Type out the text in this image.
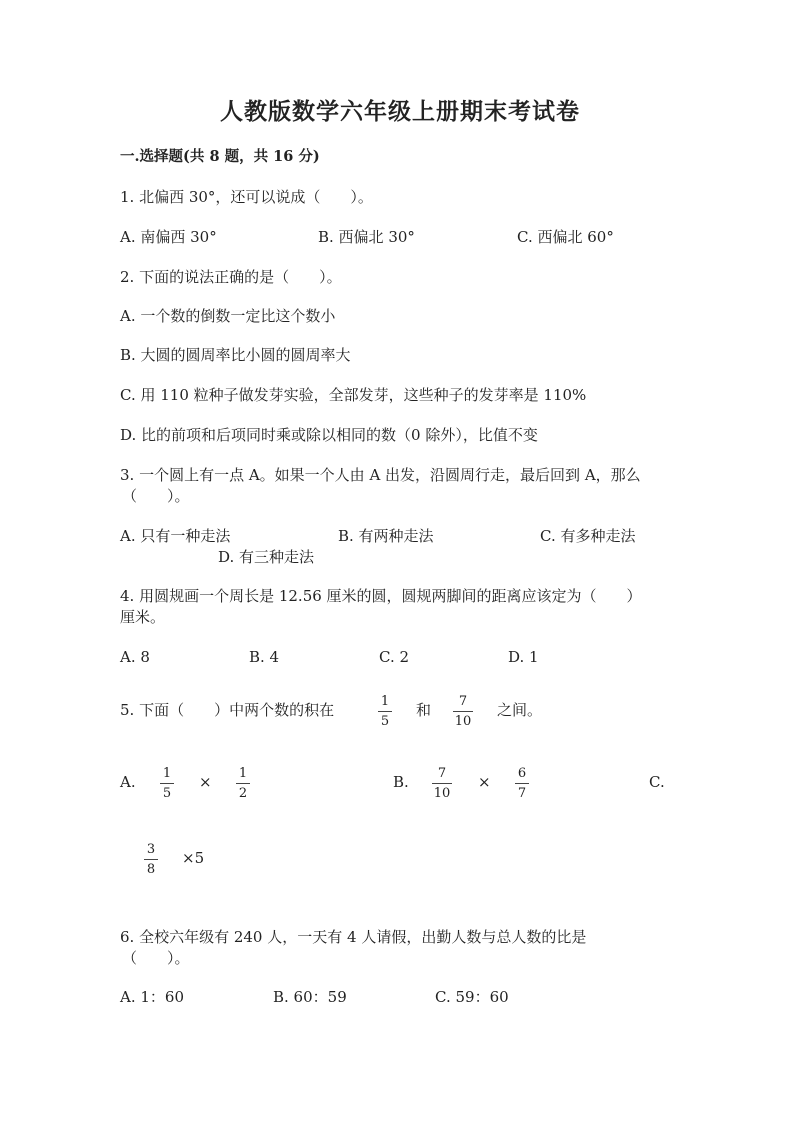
人教版数学六年级上册期末考试卷
一.选择题(共 8 题，共 16 分)
1. 北偏西 30°，还可以说成（　　）。
A. 南偏西 30°	B. 西偏北 30°	C. 西偏北 60°
2. 下面的说法正确的是（　　）。
A. 一个数的倒数一定比这个数小
B. 大圆的圆周率比小圆的圆周率大
C. 用 110 粒种子做发芽实验，全部发芽，这些种子的发芽率是 110%
D. 比的前项和后项同时乘或除以相同的数（0 除外），比值不变
3. 一个圆上有一点 A。如果一个人由 A 出发，沿圆周行走，最后回到 A，那么
（　　）。
A. 只有一种走法	B. 有两种走法	C. 有多种走法
D. 有三种走法
4. 用圆规画一个周长是 12.56 厘米的圆，圆规两脚间的距离应该定为（　　）
厘米。
A. 8	B. 4	C. 2	D. 1
5. 下面（　　）中两个数的积在	1
5
和	7
10
之间。
A. 1
5
× 1
2
B.	7
10
× 6
7
C.
3
8
×5
6. 全校六年级有 240 人，一天有 4 人请假，出勤人数与总人数的比是
（　　）。
A. 1：60	B. 60：59	C. 59：60
